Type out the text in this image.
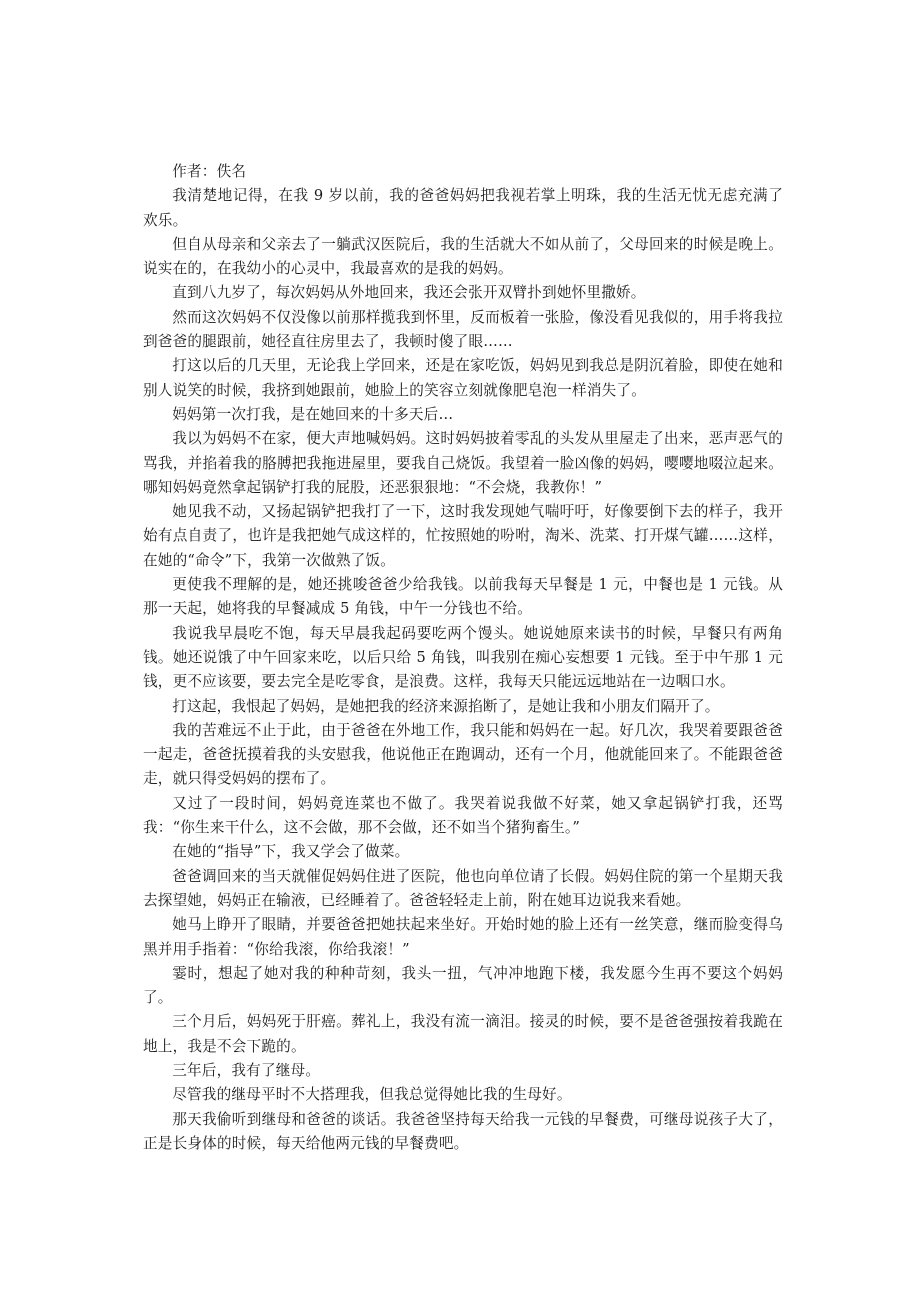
作者：佚名

我清楚地记得，在我 9 岁以前，我的爸爸妈妈把我视若掌上明珠，我的生活无忧无虑充满了欢乐。

但自从母亲和父亲去了一躺武汉医院后，我的生活就大不如从前了，父母回来的时候是晚上。说实在的，在我幼小的心灵中，我最喜欢的是我的妈妈。

直到八九岁了，每次妈妈从外地回来，我还会张开双臂扑到她怀里撒娇。

然而这次妈妈不仅没像以前那样揽我到怀里，反而板着一张脸，像没看见我似的，用手将我拉到爸爸的腿跟前，她径直往房里去了，我顿时傻了眼……

打这以后的几天里，无论我上学回来，还是在家吃饭，妈妈见到我总是阴沉着脸，即使在她和别人说笑的时候，我挤到她跟前，她脸上的笑容立刻就像肥皂泡一样消失了。

妈妈第一次打我，是在她回来的十多天后…

我以为妈妈不在家，便大声地喊妈妈。这时妈妈披着零乱的头发从里屋走了出来，恶声恶气的骂我，并掐着我的胳膊把我拖进屋里，要我自己烧饭。我望着一脸凶像的妈妈，嘤嘤地啜泣起来。哪知妈妈竟然拿起锅铲打我的屁股，还恶狠狠地：“不会烧，我教你！”

她见我不动，又扬起锅铲把我打了一下，这时我发现她气喘吁吁，好像要倒下去的样子，我开始有点自责了，也许是我把她气成这样的，忙按照她的吩咐，淘米、洗菜、打开煤气罐……这样，在她的“命令”下，我第一次做熟了饭。

更使我不理解的是，她还挑唆爸爸少给我钱。以前我每天早餐是 1 元，中餐也是 1 元钱。从那一天起，她将我的早餐减成 5 角钱，中午一分钱也不给。

我说我早晨吃不饱，每天早晨我起码要吃两个馒头。她说她原来读书的时候，早餐只有两角钱。她还说饿了中午回家来吃，以后只给 5 角钱，叫我别在痴心妄想要 1 元钱。至于中午那 1 元钱，更不应该要，要去完全是吃零食，是浪费。这样，我每天只能远远地站在一边咽口水。

打这起，我恨起了妈妈，是她把我的经济来源掐断了，是她让我和小朋友们隔开了。

我的苦难远不止于此，由于爸爸在外地工作，我只能和妈妈在一起。好几次，我哭着要跟爸爸一起走，爸爸抚摸着我的头安慰我，他说他正在跑调动，还有一个月，他就能回来了。不能跟爸爸走，就只得受妈妈的摆布了。

又过了一段时间，妈妈竟连菜也不做了。我哭着说我做不好菜，她又拿起锅铲打我，还骂我：“你生来干什么，这不会做，那不会做，还不如当个猪狗畜生。”

在她的“指导”下，我又学会了做菜。

爸爸调回来的当天就催促妈妈住进了医院，他也向单位请了长假。妈妈住院的第一个星期天我去探望她，妈妈正在输液，已经睡着了。爸爸轻轻走上前，附在她耳边说我来看她。

她马上睁开了眼睛，并要爸爸把她扶起来坐好。开始时她的脸上还有一丝笑意，继而脸变得乌黑并用手指着：“你给我滚，你给我滚！”

霎时，想起了她对我的种种苛刻，我头一扭，气冲冲地跑下楼，我发愿今生再不要这个妈妈了。

三个月后，妈妈死于肝癌。葬礼上，我没有流一滴泪。接灵的时候，要不是爸爸强按着我跪在地上，我是不会下跪的。

三年后，我有了继母。

尽管我的继母平时不大搭理我，但我总觉得她比我的生母好。

那天我偷听到继母和爸爸的谈话。我爸爸坚持每天给我一元钱的早餐费，可继母说孩子大了，正是长身体的时候，每天给他两元钱的早餐费吧。
